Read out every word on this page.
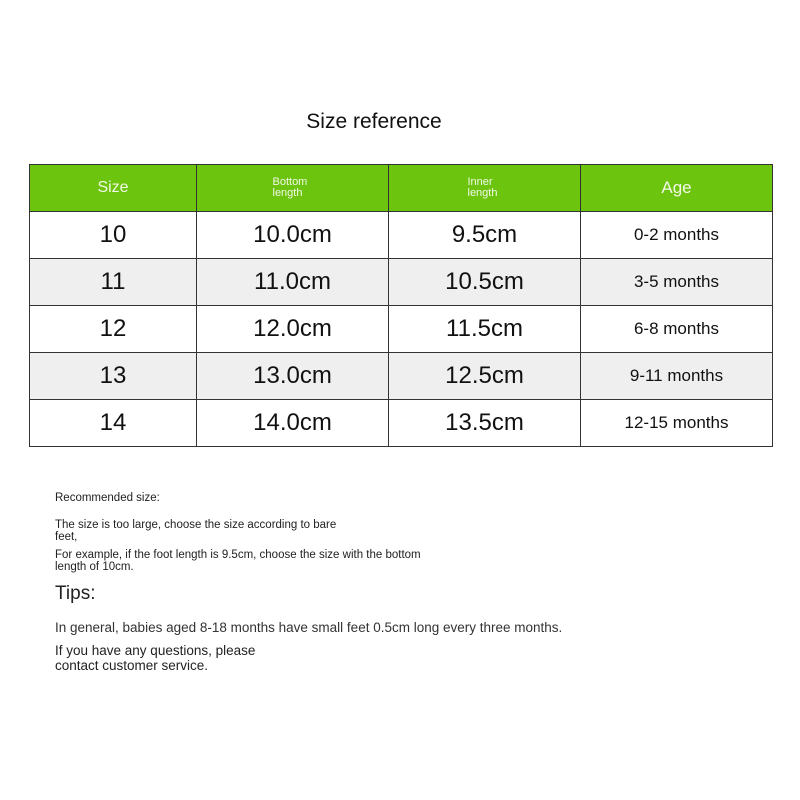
Size reference
Size	Bottom length	Inner length	Age
10	10.0cm	9.5cm	0-2 months
11	11.0cm	10.5cm	3-5 months
12	12.0cm	11.5cm	6-8 months
13	13.0cm	12.5cm	9-11 months
14	14.0cm	13.5cm	12-15 months
Recommended size:
The size is too large, choose the size according to bare
feet,
For example, if the foot length is 9.5cm, choose the size with the bottom
length of 10cm.
Tips:
In general, babies aged 8-18 months have small feet 0.5cm long every three months.
If you have any questions, please
contact customer service.
